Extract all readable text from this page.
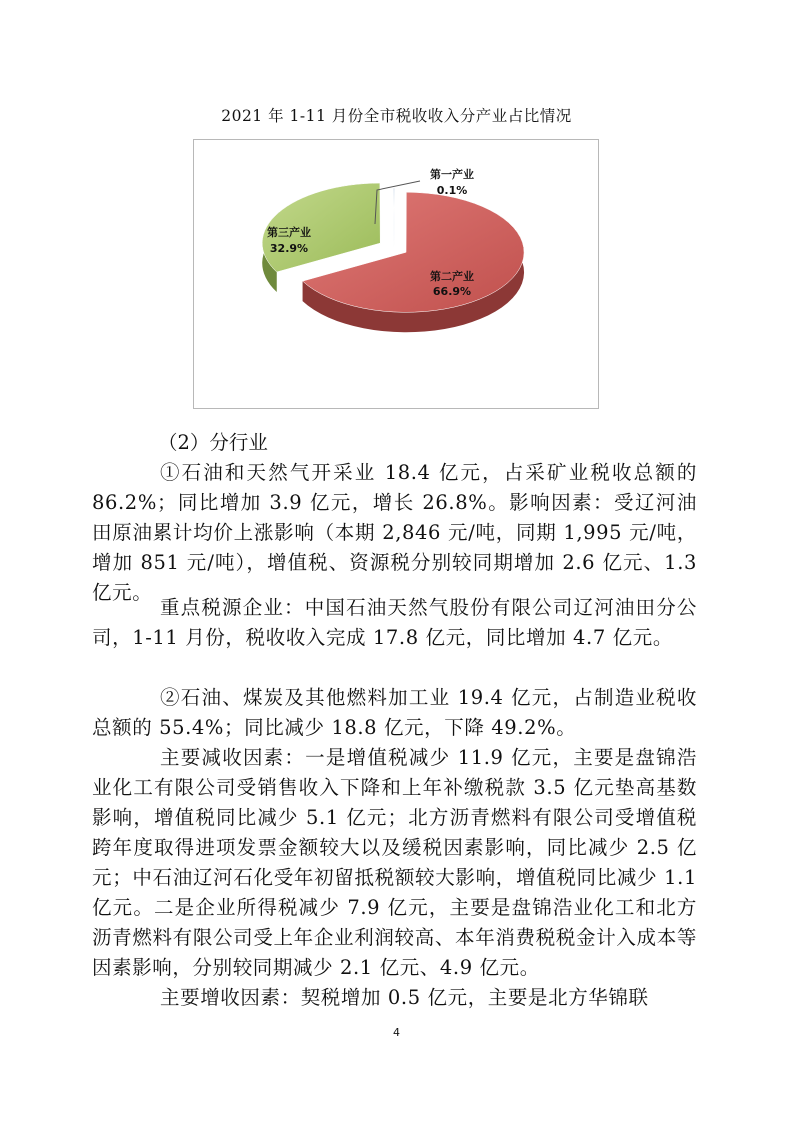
2021 年 1-11 月份全市税收收入分产业占比情况
第一产业
0.1%
第二产业
66.9%
第三产业
32.9%
（2）分行业
①石油和天然气开采业 18.4 亿元，占采矿业税收总额的 86.2%；同比增加 3.9 亿元，增长 26.8%。影响因素：受辽河油田原油累计均价上涨影响（本期 2,846 元/吨，同期 1,995 元/吨，增加 851 元/吨），增值税、资源税分别较同期增加 2.6 亿元、1.3 亿元。
重点税源企业：中国石油天然气股份有限公司辽河油田分公司，1-11 月份，税收收入完成 17.8 亿元，同比增加 4.7 亿元。
②石油、煤炭及其他燃料加工业 19.4 亿元，占制造业税收总额的 55.4%；同比减少 18.8 亿元，下降 49.2%。
主要减收因素：一是增值税减少 11.9 亿元，主要是盘锦浩业化工有限公司受销售收入下降和上年补缴税款 3.5 亿元垫高基数影响，增值税同比减少 5.1 亿元；北方沥青燃料有限公司受增值税跨年度取得进项发票金额较大以及缓税因素影响，同比减少 2.5 亿元；中石油辽河石化受年初留抵税额较大影响，增值税同比减少 1.1 亿元。二是企业所得税减少 7.9 亿元，主要是盘锦浩业化工和北方沥青燃料有限公司受上年企业利润较高、本年消费税税金计入成本等因素影响，分别较同期减少 2.1 亿元、4.9 亿元。
主要增收因素：契税增加 0.5 亿元，主要是北方华锦联
4
